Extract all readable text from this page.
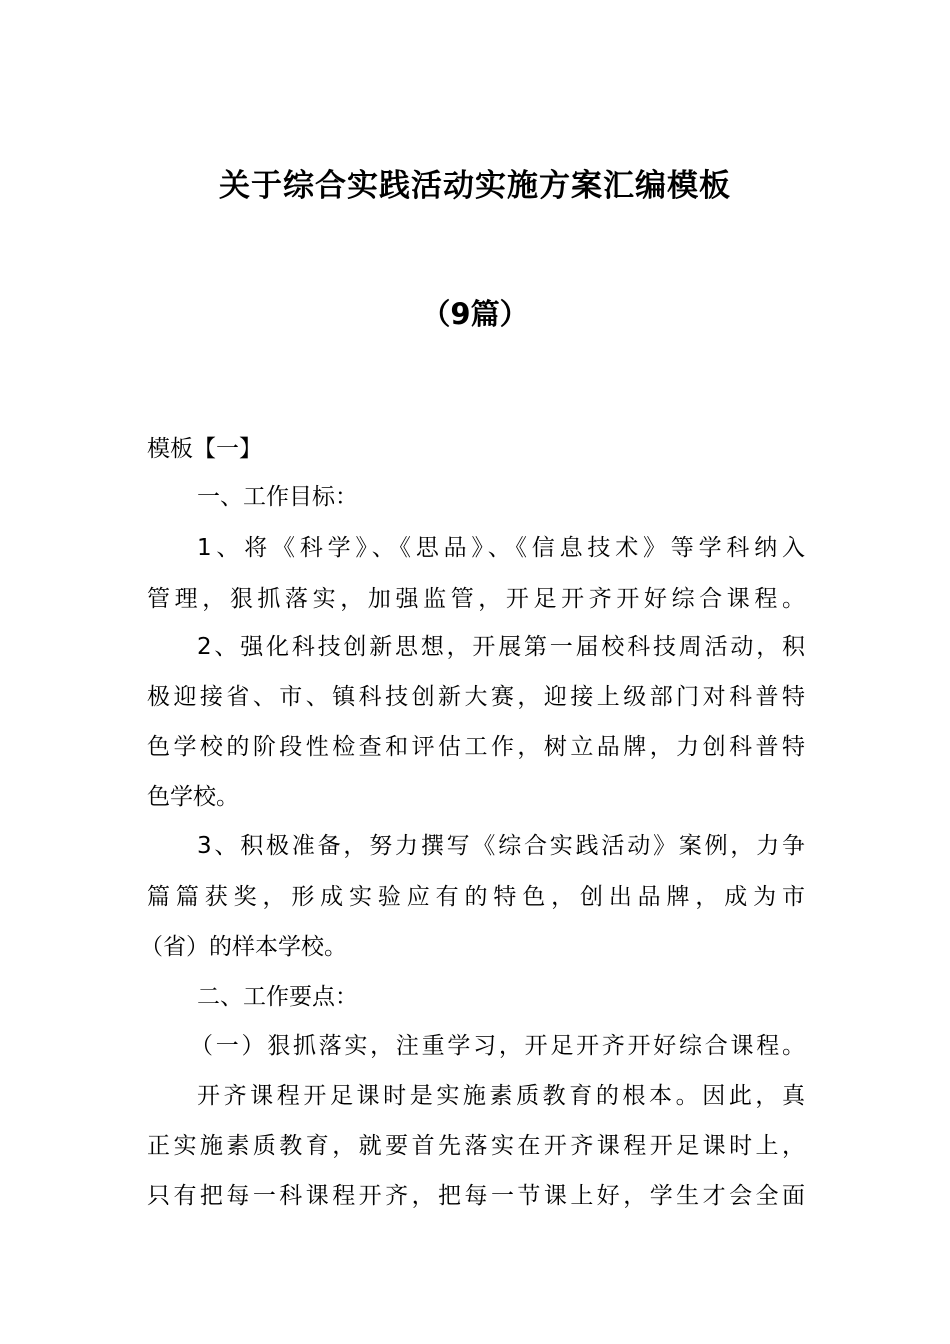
关于综合实践活动实施方案汇编模板
（9篇）
模板【一】
一、工作目标：
1、将《科学》、《思品》、《信息技术》等学科纳入
管理，狠抓落实，加强监管，开足开齐开好综合课程。
2、强化科技创新思想，开展第一届校科技周活动，积
极迎接省、市、镇科技创新大赛，迎接上级部门对科普特
色学校的阶段性检查和评估工作，树立品牌，力创科普特
色学校。
3、积极准备，努力撰写《综合实践活动》案例，力争
篇篇获奖，形成实验应有的特色，创出品牌，成为市
（省）的样本学校。
二、工作要点：
（一）狠抓落实，注重学习，开足开齐开好综合课程。
开齐课程开足课时是实施素质教育的根本。因此，真
正实施素质教育，就要首先落实在开齐课程开足课时上，
只有把每一科课程开齐，把每一节课上好，学生才会全面
